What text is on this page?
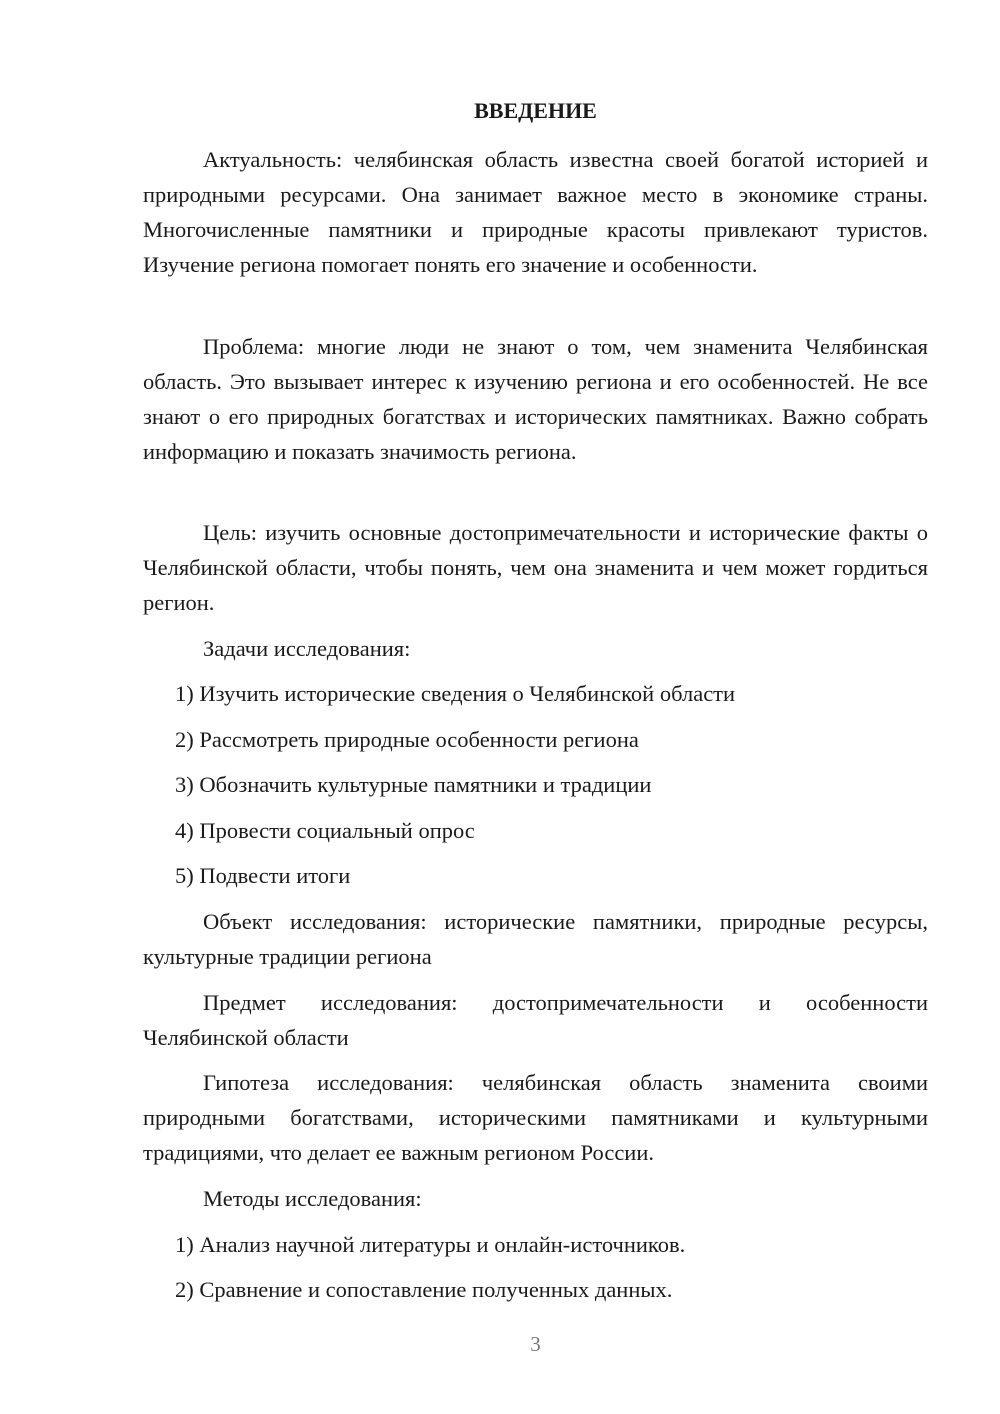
ВВЕДЕНИЕ

Актуальность: челябинская область известна своей богатой историей и природными ресурсами. Она занимает важное место в экономике страны. Многочисленные памятники и природные красоты привлекают туристов. Изучение региона помогает понять его значение и особенности.

Проблема: многие люди не знают о том, чем знаменита Челябинская область. Это вызывает интерес к изучению региона и его особенностей. Не все знают о его природных богатствах и исторических памятниках. Важно собрать информацию и показать значимость региона.

Цель: изучить основные достопримечательности и исторические факты о Челябинской области, чтобы понять, чем она знаменита и чем может гордиться регион.

Задачи исследования:

1) Изучить исторические сведения о Челябинской области

2) Рассмотреть природные особенности региона

3) Обозначить культурные памятники и традиции

4) Провести социальный опрос

5) Подвести итоги

Объект исследования: исторические памятники, природные ресурсы, культурные традиции региона

Предмет исследования: достопримечательности и особенности Челябинской области

Гипотеза исследования: челябинская область знаменита своими природными богатствами, историческими памятниками и культурными традициями, что делает ее важным регионом России.

Методы исследования:

1) Анализ научной литературы и онлайн-источников.

2) Сравнение и сопоставление полученных данных.

3
